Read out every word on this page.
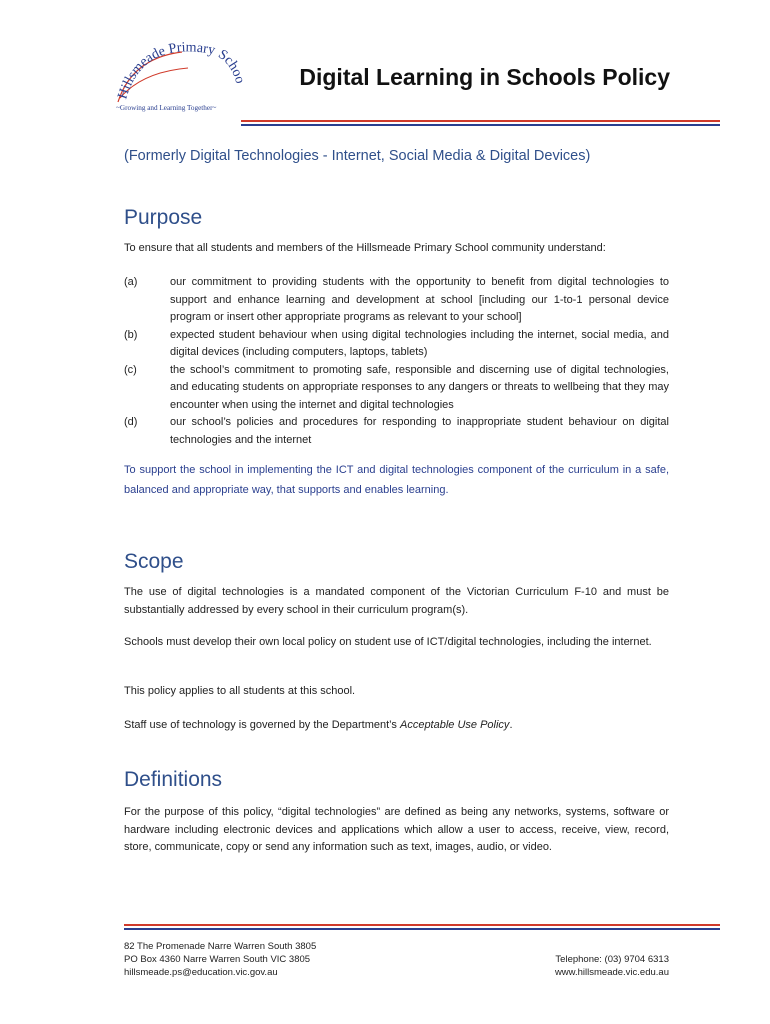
Hillsmeade Primary Schoo
~Growing and Learning Together~
Digital Learning in Schools Policy

(Formerly Digital Technologies - Internet, Social Media & Digital Devices)

Purpose

To ensure that all students and members of the Hillsmeade Primary School community understand:

(a)	our commitment to providing students with the opportunity to benefit from digital technologies to support and enhance learning and development at school [including our 1-to-1 personal device program or insert other appropriate programs as relevant to your school]
(b)	expected student behaviour when using digital technologies including the internet, social media, and digital devices (including computers, laptops, tablets)
(c)	the school’s commitment to promoting safe, responsible and discerning use of digital technologies, and educating students on appropriate responses to any dangers or threats to wellbeing that they may encounter when using the internet and digital technologies
(d)	our school’s policies and procedures for responding to inappropriate student behaviour on digital technologies and the internet

To support the school in implementing the ICT and digital technologies component of the curriculum in a safe, balanced and appropriate way, that supports and enables learning.

Scope

The use of digital technologies is a mandated component of the Victorian Curriculum F-10 and must be substantially addressed by every school in their curriculum program(s).

Schools must develop their own local policy on student use of ICT/digital technologies, including the internet.

This policy applies to all students at this school.

Staff use of technology is governed by the Department’s Acceptable Use Policy.

Definitions

For the purpose of this policy, “digital technologies” are defined as being any networks, systems, software or hardware including electronic devices and applications which allow a user to access, receive, view, record, store, communicate, copy or send any information such as text, images, audio, or video.

82 The Promenade Narre Warren South 3805
PO Box 4360 Narre Warren South VIC 3805
hillsmeade.ps@education.vic.gov.au
Telephone: (03) 9704 6313
www.hillsmeade.vic.edu.au
